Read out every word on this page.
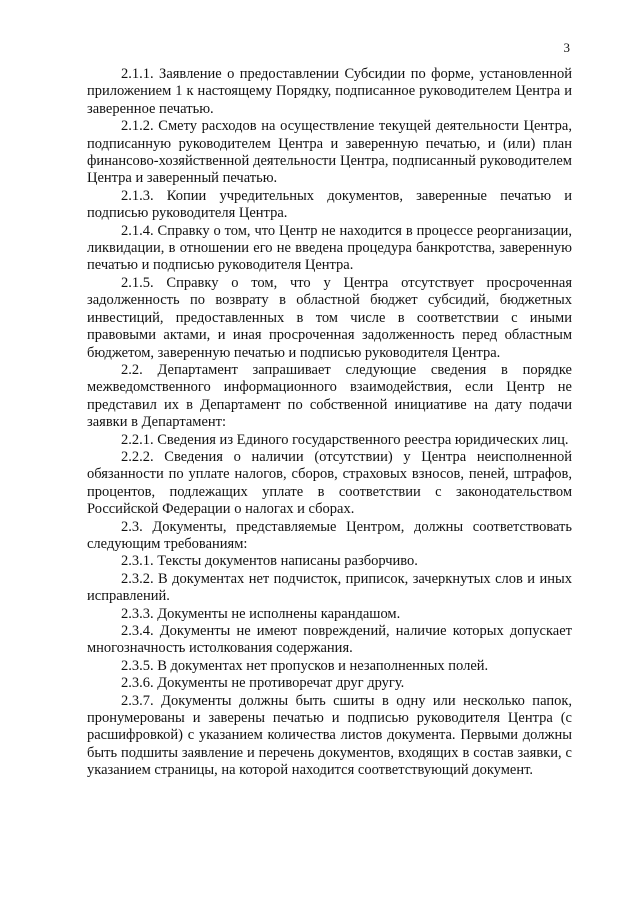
3

2.1.1. Заявление о предоставлении Субсидии по форме, установленной приложением 1 к настоящему Порядку, подписанное руководителем Центра и заверенное печатью.

2.1.2. Смету расходов на осуществление текущей деятельности Центра, подписанную руководителем Центра и заверенную печатью, и (или) план финансово-хозяйственной деятельности Центра, подписанный руководителем Центра и заверенный печатью.

2.1.3. Копии учредительных документов, заверенные печатью и подписью руководителя Центра.

2.1.4. Справку о том, что Центр не находится в процессе реорганизации, ликвидации, в отношении его не введена процедура банкротства, заверенную печатью и подписью руководителя Центра.

2.1.5. Справку о том, что у Центра отсутствует просроченная задолженность по возврату в областной бюджет субсидий, бюджетных инвестиций, предоставленных в том числе в соответствии с иными правовыми актами, и иная просроченная задолженность перед областным бюджетом, заверенную печатью и подписью руководителя Центра.

2.2. Департамент запрашивает следующие сведения в порядке межведомственного информационного взаимодействия, если Центр не представил их в Департамент по собственной инициативе на дату подачи заявки в Департамент:

2.2.1. Сведения из Единого государственного реестра юридических лиц.

2.2.2. Сведения о наличии (отсутствии) у Центра неисполненной обязанности по уплате налогов, сборов, страховых взносов, пеней, штрафов, процентов, подлежащих уплате в соответствии с законодательством Российской Федерации о налогах и сборах.

2.3. Документы, представляемые Центром, должны соответствовать следующим требованиям:

2.3.1. Тексты документов написаны разборчиво.

2.3.2. В документах нет подчисток, приписок, зачеркнутых слов и иных исправлений.

2.3.3. Документы не исполнены карандашом.

2.3.4. Документы не имеют повреждений, наличие которых допускает многозначность истолкования содержания.

2.3.5. В документах нет пропусков и незаполненных полей.

2.3.6. Документы не противоречат друг другу.

2.3.7. Документы должны быть сшиты в одну или несколько папок, пронумерованы и заверены печатью и подписью руководителя Центра (с расшифровкой) с указанием количества листов документа. Первыми должны быть подшиты заявление и перечень документов, входящих в состав заявки, с указанием страницы, на которой находится соответствующий документ.
